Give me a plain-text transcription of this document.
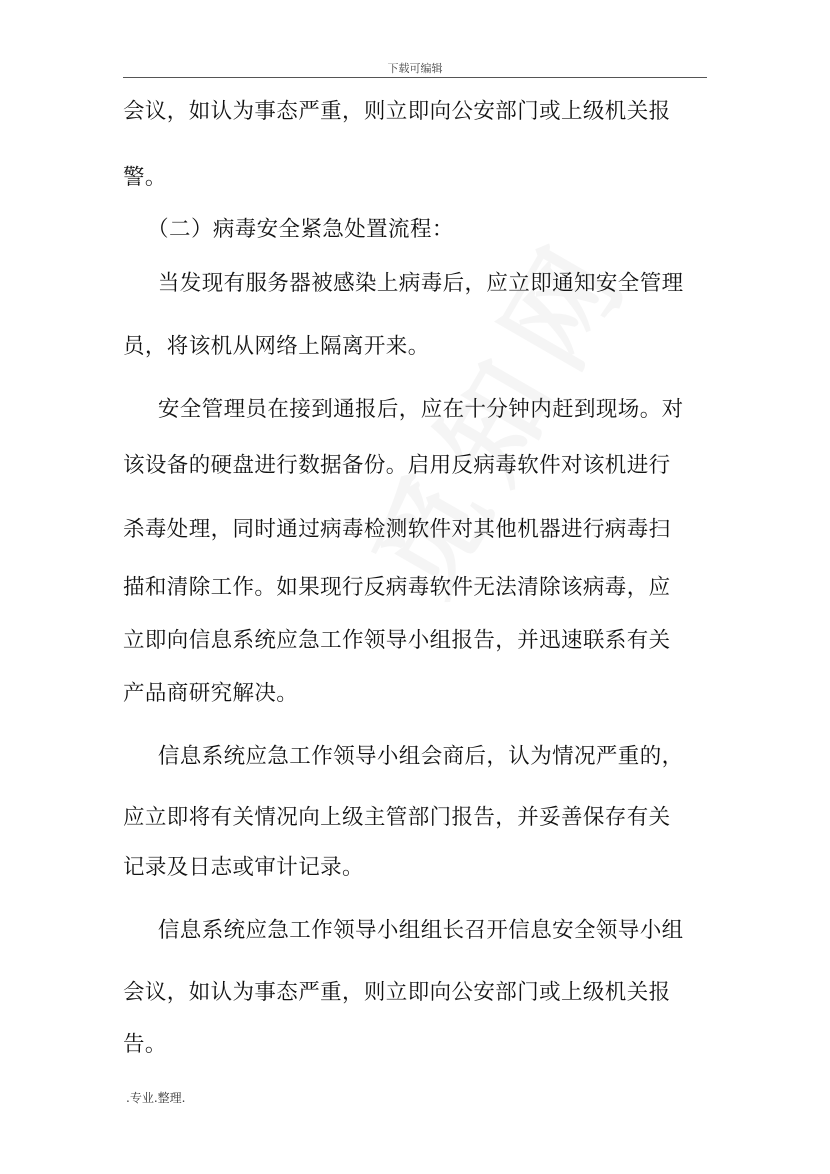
下载可编辑
会议，如认为事态严重，则立即向公安部门或上级机关报
警。
　（二）病毒安全紧急处置流程：
　当发现有服务器被感染上病毒后，应立即通知安全管理
员，将该机从网络上隔离开来。
　安全管理员在接到通报后，应在十分钟内赶到现场。对
该设备的硬盘进行数据备份。启用反病毒软件对该机进行
杀毒处理，同时通过病毒检测软件对其他机器进行病毒扫
描和清除工作。如果现行反病毒软件无法清除该病毒，应
立即向信息系统应急工作领导小组报告，并迅速联系有关
产品商研究解决。
　信息系统应急工作领导小组会商后，认为情况严重的，
应立即将有关情况向上级主管部门报告，并妥善保存有关
记录及日志或审计记录。
　信息系统应急工作领导小组组长召开信息安全领导小组
会议，如认为事态严重，则立即向公安部门或上级机关报
告。
.专业.整理.
